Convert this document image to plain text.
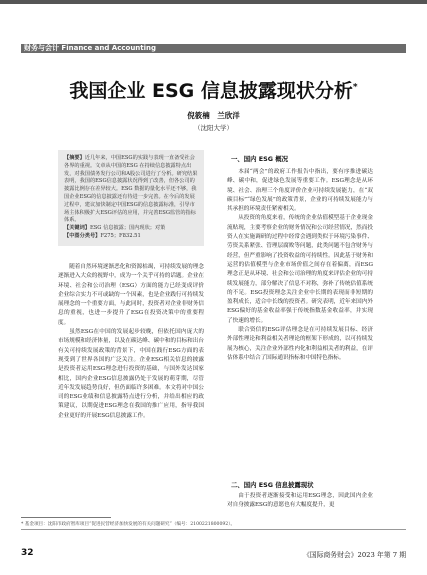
财务与会计 Finance and Accounting
我国企业 ESG 信息披露现状分析*
倪筱楠　兰欣洋
（沈阳大学）
【摘要】近几年来，中国ESG的实践与表现一直备受社会各界的重视。文章从中国的ESG 在持续信息披露特点出发，对我国债务发行公司和A股公司进行了分析。研究结果表明，我国的ESG信息披露状况得到了改善，但各公司的披露比例存在差异较大。ESG 数据的量化水平还不够，我国企业ESG的信息披露还有待进一步完善。在今后的发展过程中，建议加快制定中国ESG的信息披露标准，引导市场主体积极扩大ESG评估的应用，并完善ESG监管的指标体系。
【关键词】ESG 信息披露；国内现状；对策
【中图分类号】F275；F832.51

随着自然环境逐渐恶化和资源枯竭，可持续发展的理念逐渐进入大众的视野中，成为一个关乎可持的话题。企业在环境、社会和公司治理（ESG）方面的能力已经变成评价企业综合实力不可或缺的一个因素，也是企业践行可持续发展理念的一个重要方面，与此同时，投资者对企业非财务信息的重视，也进一步提升了ESG在投资决策中的重要程度。

虽然ESG在中国的发展起步较晚，但依托国内庞大的市场规模和经济体量，以及在碳达峰、碳中和的目标和出台有关可持续发展政策的背景下，中国在践行ESG方面的表现受到了世界各国的广泛关注。企业ESG相关信息的披露是投资者运用ESG理念进行投资的基础，与国外发达国家相比，国内企业ESG信息披露仍处于发展的萌芽期，尽管近年发发展趋势良好，但仍面临许多困难。本文将对中国公司的ESG业绩和信息披露特点进行分析，并给出相应的政策建议，以期促进ESG理念在我国的推广应用，指导我国企业更好的开展ESG信息披露工作。

一、国内 ESG 概况

本届“两会”的政府工作报告中指出，要有序推进碳达峰、碳中和，促进绿色发展等重要工作。ESG理念是从环境、社会、治理三个角度评价企业可持续发展能力，在“双碳目标”“绿色发展”的政策背景，企业的可持续发展能力与其承担的环境责任紧密相关。

从投资的角度来看，传统的企业估值模型基于企业现金流贴现，主要考察企业的财务情况和公司经营情况，然而投资人在实施调研的过程中经常会遇到类似于环境污染事件、劳资关系紧张、管理层腐败等问题，此类问题不包含财务与经营，但严重影响了投资收益的可持续性。因此基于财务和运营的估值模型与企业市场价值之间存在着偏离，而ESG理念正是从环境、社会和公司治理的角度来评估企业的可持续发展能力，部分解决了信息不对称，弥补了传统估值系统的不足。ESG投资理念关注企业中长期的表现而非短期的盈利成长，适合中长线的投资者。研究表明，近年来国内外ESG偏好的基金收益率强于传统指数基金收益率，并实现了快速的增长。

联合资信的ESG评估理念是在可持续发展目标、经济外部性理论和利益相关者理论的框架下形成的，以可持续发展为核心，关注企业外部性内化和利益相关者的利益，在评估体系中结合了国际通识指标和中国特色指标。

二、国内 ESG 信息披露现状

由于投资者逐渐接受和运用ESG理念，因此国内企业对自身披露ESG的意愿也有大幅度提升，更

* 基金项目：沈阳市政府智库项目“促进民营经济加快发展的有关问题研究”（编号：2100221800092）。
32	《国际商务财会》2023 年第 7 期
